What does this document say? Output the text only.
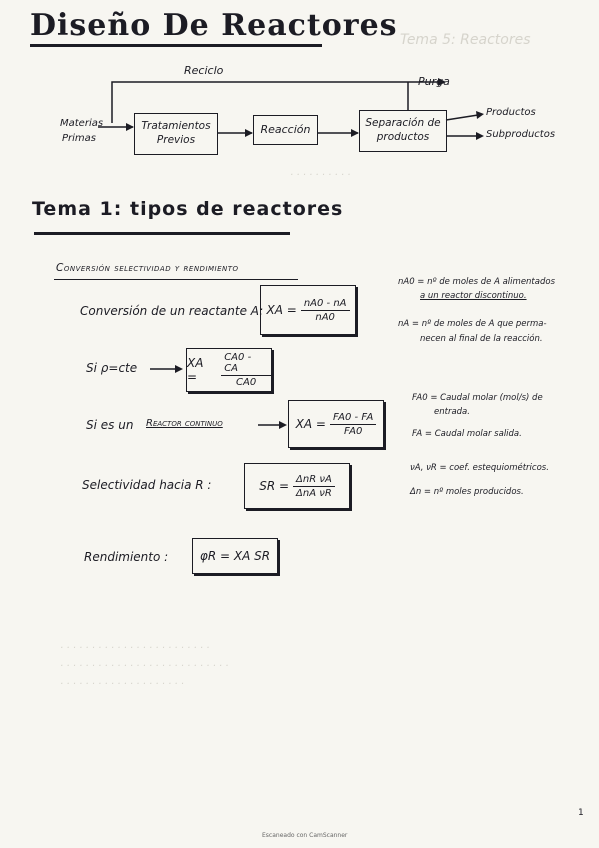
Tema 5: Reactores
Diseño De Reactores
Reciclo
Purga
Materias
Primas
Tratamientos
Previos
Reacción	Separación de
productos
Productos
Subproductos
Tema 1: tipos de reactores
Conversión selectividad y rendimiento
Conversión de un reactante A: XA = $\frac{nA0 - nA}{nA0}$
Si ρ=cte	XA =	$\frac{CA0 - CA}{CA0}$
Si es un Reactor continuo	XA = $\frac{FA0 - FA}{FA0}$
Selectividad hacia R :	SR = $\frac{\text{ΔnR νA}}{\text{ΔnA νR}}$
Rendimiento :	φR = XA SR
nA0 = nº de moles de A alimentados
a un reactor discontinuo.
nA = nº de moles de A que perma-
necen al final de la reacción.
FA0 = Caudal molar (mol/s) de
entrada.
FA = Caudal molar salida.
νA, νR = coef. estequiométricos.
Δn = nº moles producidos.
· · · · · · · · · ·
· · · · · · · · · · · · · · · · · · · · · · · ·
· · · · · · · · · · · · · · · · · · · · · · · · · · ·
· · · · · · · · · · · · · · · · · · · ·
Escaneado con CamScanner
1
